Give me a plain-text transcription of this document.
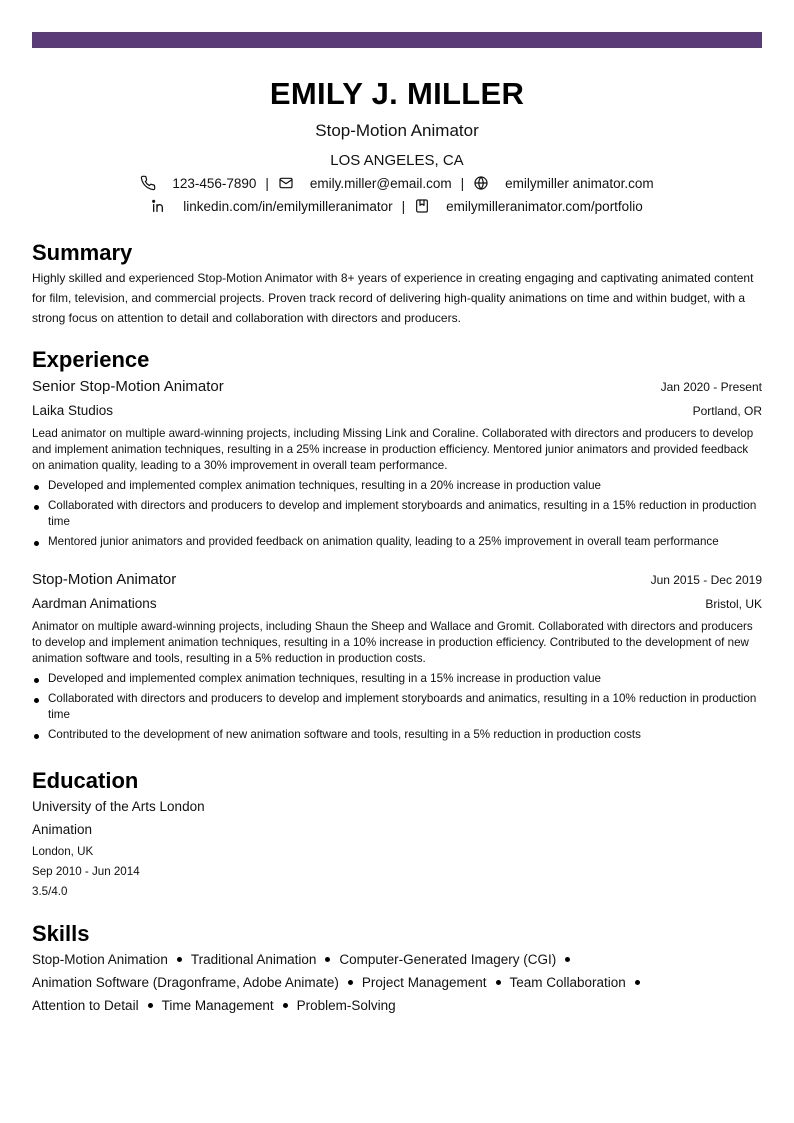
EMILY J. MILLER
Stop-Motion Animator
LOS ANGELES, CA
123-456-7890 |	emily.miller@email.com |	emilymiller animator.com
linkedin.com/in/emilymilleranimator |	emilymilleranimator.com/portfolio
Summary
Highly skilled and experienced Stop-Motion Animator with 8+ years of experience in creating engaging and captivating animated content for film, television, and commercial projects. Proven track record of delivering high-quality animations on time and within budget, with a strong focus on attention to detail and collaboration with directors and producers.
Experience
Senior Stop-Motion Animator	Jan 2020 - Present
Laika Studios	Portland, OR
Lead animator on multiple award-winning projects, including Missing Link and Coraline. Collaborated with directors and producers to develop and implement animation techniques, resulting in a 25% increase in production efficiency. Mentored junior animators and provided feedback on animation quality, leading to a 30% improvement in overall team performance.
Developed and implemented complex animation techniques, resulting in a 20% increase in production value
Collaborated with directors and producers to develop and implement storyboards and animatics, resulting in a 15% reduction in production time
Mentored junior animators and provided feedback on animation quality, leading to a 25% improvement in overall team performance
Stop-Motion Animator	Jun 2015 - Dec 2019
Aardman Animations	Bristol, UK
Animator on multiple award-winning projects, including Shaun the Sheep and Wallace and Gromit. Collaborated with directors and producers to develop and implement animation techniques, resulting in a 10% increase in production efficiency. Contributed to the development of new animation software and tools, resulting in a 5% reduction in production costs.
Developed and implemented complex animation techniques, resulting in a 15% increase in production value
Collaborated with directors and producers to develop and implement storyboards and animatics, resulting in a 10% reduction in production time
Contributed to the development of new animation software and tools, resulting in a 5% reduction in production costs
Education
University of the Arts London
Animation
London, UK
Sep 2010 - Jun 2014
3.5/4.0
Skills
Stop-Motion Animation Traditional Animation Computer-Generated Imagery (CGI)
Animation Software (Dragonframe, Adobe Animate) Project Management Team Collaboration
Attention to Detail Time Management Problem-Solving
